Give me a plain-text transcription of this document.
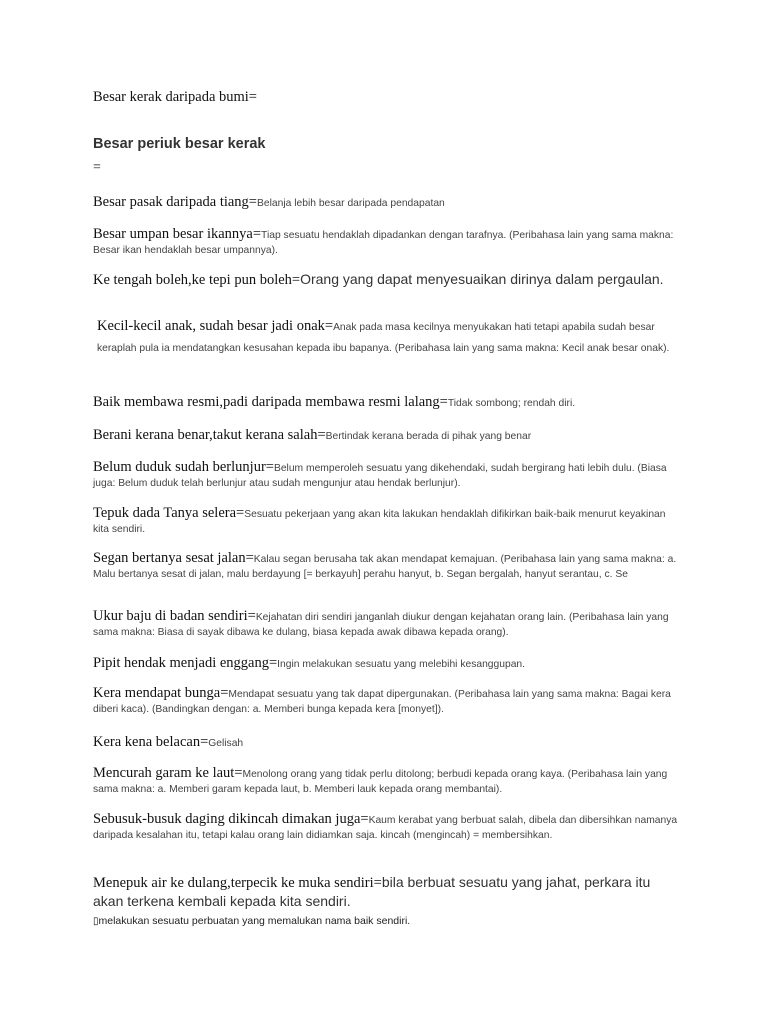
Besar kerak daripada bumi=
Besar periuk besar kerak
=
Besar pasak daripada tiang=Belanja lebih besar daripada pendapatan
Besar umpan besar ikannya=Tiap sesuatu hendaklah dipadankan dengan tarafnya. (Peribahasa lain yang sama makna: Besar ikan hendaklah besar umpannya).
Ke tengah boleh,ke tepi pun boleh=Orang yang dapat menyesuaikan dirinya dalam pergaulan.
Kecil-kecil anak, sudah besar jadi onak=Anak pada masa kecilnya menyukakan hati tetapi apabila sudah besar keraplah pula ia mendatangkan kesusahan kepada ibu bapanya. (Peribahasa lain yang sama makna: Kecil anak besar onak).
Baik membawa resmi,padi daripada membawa resmi lalang=Tidak sombong; rendah diri.
Berani kerana benar,takut kerana salah=Bertindak kerana berada di pihak yang benar
Belum duduk sudah berlunjur=Belum memperoleh sesuatu yang dikehendaki, sudah bergirang hati lebih dulu. (Biasa juga: Belum duduk telah berlunjur atau sudah mengunjur atau hendak berlunjur).
Tepuk dada Tanya selera=Sesuatu pekerjaan yang akan kita lakukan hendaklah difikirkan baik-baik menurut keyakinan kita sendiri.
Segan bertanya sesat jalan=Kalau segan berusaha tak akan mendapat kemajuan. (Peribahasa lain yang sama makna: a. Malu bertanya sesat di jalan, malu berdayung [= berkayuh] perahu hanyut, b. Segan bergalah, hanyut serantau, c. Se
Ukur baju di badan sendiri=Kejahatan diri sendiri janganlah diukur dengan kejahatan orang lain. (Peribahasa lain yang sama makna: Biasa di sayak dibawa ke dulang, biasa kepada awak dibawa kepada orang).
Pipit hendak menjadi enggang=Ingin melakukan sesuatu yang melebihi kesanggupan.
Kera mendapat bunga=Mendapat sesuatu yang tak dapat dipergunakan. (Peribahasa lain yang sama makna: Bagai kera diberi kaca). (Bandingkan dengan: a. Memberi bunga kepada kera [monyet]).
Kera kena belacan=Gelisah
Mencurah garam ke laut=Menolong orang yang tidak perlu ditolong; berbudi kepada orang kaya. (Peribahasa lain yang sama makna: a. Memberi garam kepada laut, b. Memberi lauk kepada orang membantai).
Sebusuk-busuk daging dikincah dimakan juga=Kaum kerabat yang berbuat salah, dibela dan dibersihkan namanya daripada kesalahan itu, tetapi kalau orang lain didiamkan saja. kincah (mengincah) = membersihkan.
Menepuk air ke dulang,terpecik ke muka sendiri=bila berbuat sesuatu yang jahat, perkara itu akan terkena kembali kepada kita sendiri.
▯melakukan sesuatu perbuatan yang memalukan nama baik sendiri.
